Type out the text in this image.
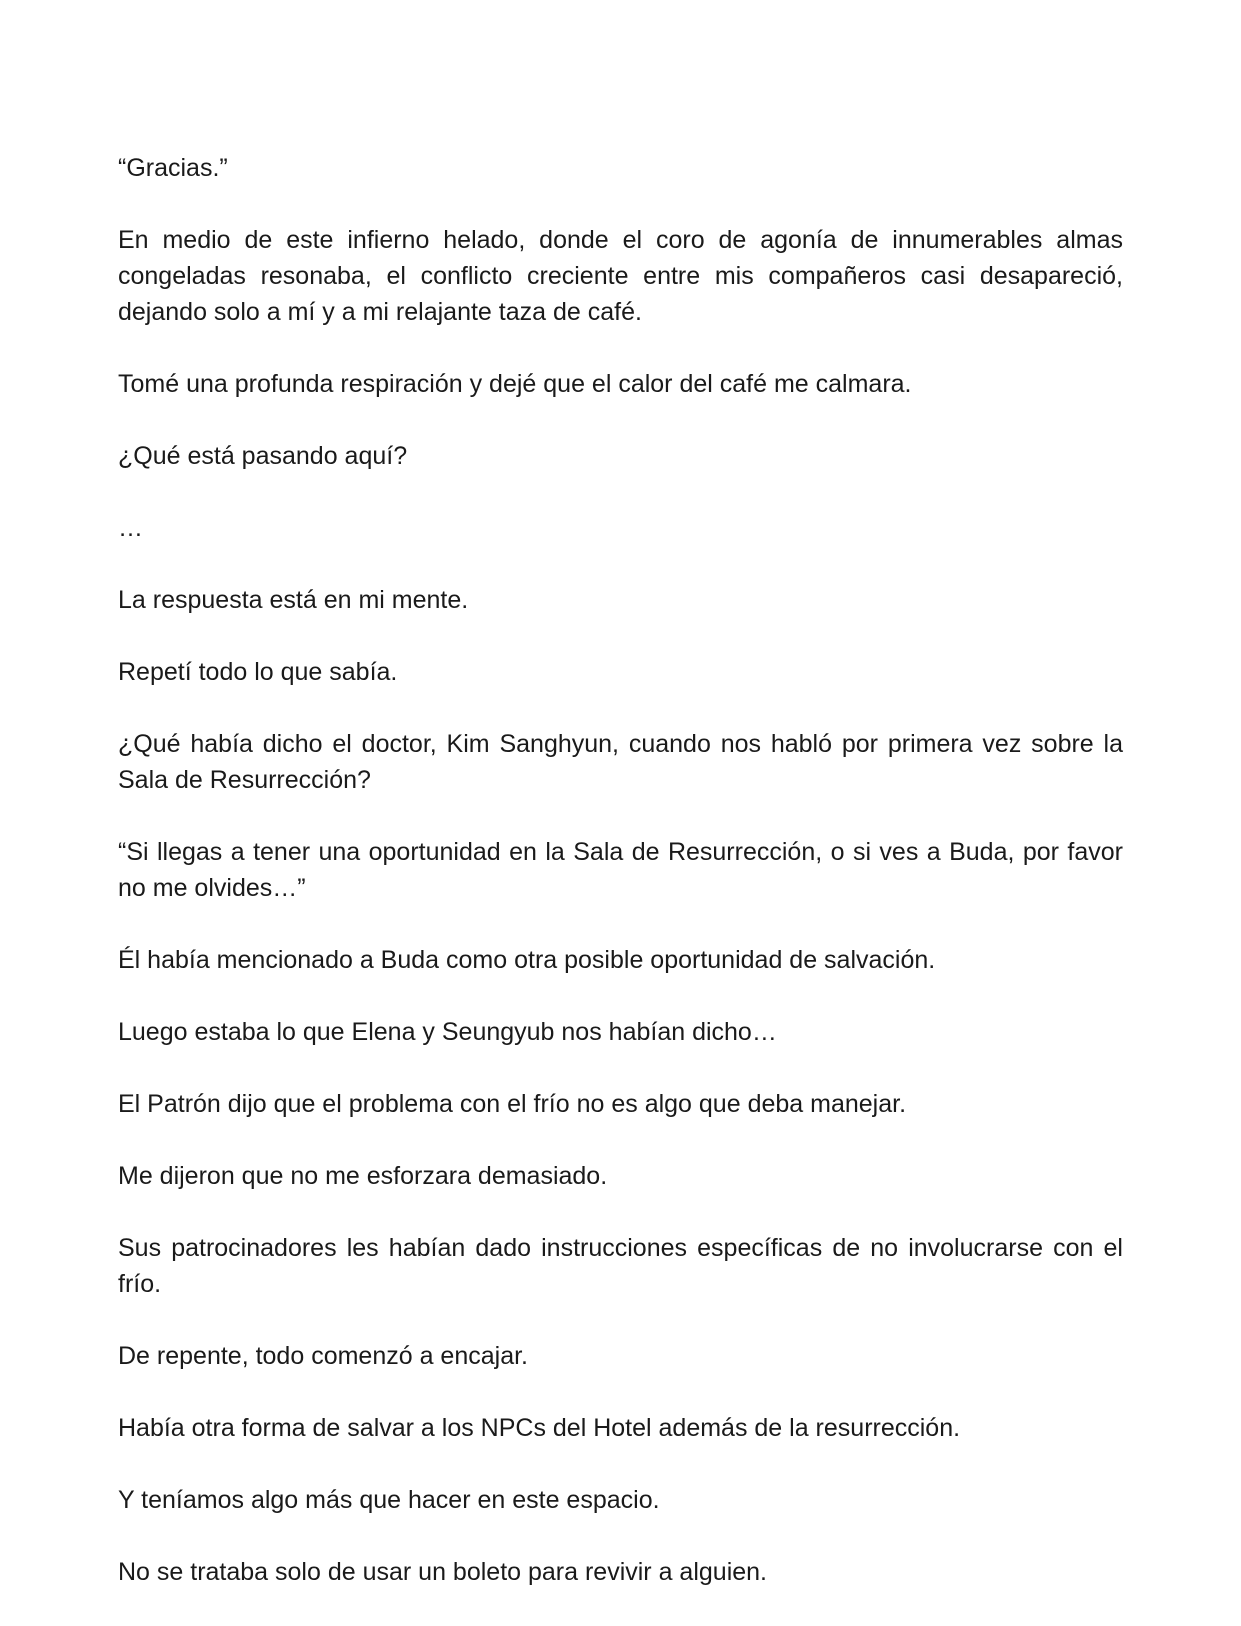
“Gracias.”

En medio de este infierno helado, donde el coro de agonía de innumerables almas congeladas resonaba, el conflicto creciente entre mis compañeros casi desapareció, dejando solo a mí y a mi relajante taza de café.

Tomé una profunda respiración y dejé que el calor del café me calmara.

¿Qué está pasando aquí?

…

La respuesta está en mi mente.

Repetí todo lo que sabía.

¿Qué había dicho el doctor, Kim Sanghyun, cuando nos habló por primera vez sobre la Sala de Resurrección?

“Si llegas a tener una oportunidad en la Sala de Resurrección, o si ves a Buda, por favor no me olvides…”

Él había mencionado a Buda como otra posible oportunidad de salvación.

Luego estaba lo que Elena y Seungyub nos habían dicho…

El Patrón dijo que el problema con el frío no es algo que deba manejar.

Me dijeron que no me esforzara demasiado.

Sus patrocinadores les habían dado instrucciones específicas de no involucrarse con el frío.

De repente, todo comenzó a encajar.

Había otra forma de salvar a los NPCs del Hotel además de la resurrección.

Y teníamos algo más que hacer en este espacio.

No se trataba solo de usar un boleto para revivir a alguien.
